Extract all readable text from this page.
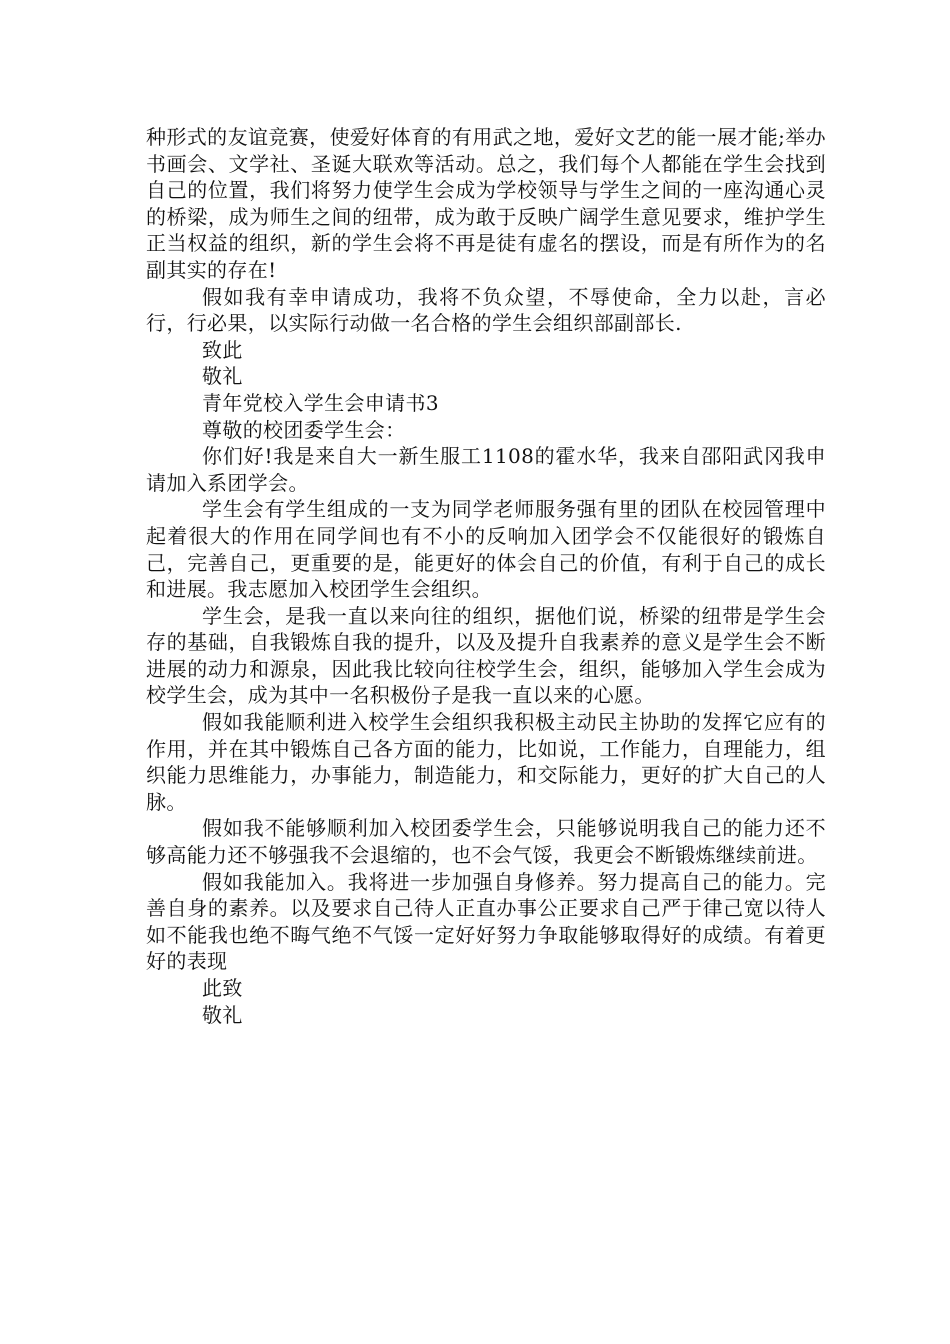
种形式的友谊竞赛，使爱好体育的有用武之地，爱好文艺的能一展才能;举办书画会、文学社、圣诞大联欢等活动。总之，我们每个人都能在学生会找到自己的位置，我们将努力使学生会成为学校领导与学生之间的一座沟通心灵的桥梁，成为师生之间的纽带，成为敢于反映广阔学生意见要求，维护学生正当权益的组织，新的学生会将不再是徒有虚名的摆设，而是有所作为的名副其实的存在!

假如我有幸申请成功，我将不负众望，不辱使命，全力以赴，言必行，行必果，以实际行动做一名合格的学生会组织部副部长.

致此

敬礼

青年党校入学生会申请书3

尊敬的校团委学生会：

你们好!我是来自大一新生服工1108的霍水华，我来自邵阳武冈我申请加入系团学会。

学生会有学生组成的一支为同学老师服务强有里的团队在校园管理中起着很大的作用在同学间也有不小的反响加入团学会不仅能很好的锻炼自己，完善自己，更重要的是，能更好的体会自己的价值，有利于自己的成长和进展。我志愿加入校团学生会组织。

学生会，是我一直以来向往的组织，据他们说，桥梁的纽带是学生会存的基础，自我锻炼自我的提升，以及及提升自我素养的意义是学生会不断进展的动力和源泉，因此我比较向往校学生会，组织，能够加入学生会成为校学生会，成为其中一名积极份子是我一直以来的心愿。

假如我能顺利进入校学生会组织我积极主动民主协助的发挥它应有的作用，并在其中锻炼自己各方面的能力，比如说，工作能力，自理能力，组织能力思维能力，办事能力，制造能力，和交际能力，更好的扩大自己的人脉。

假如我不能够顺利加入校团委学生会，只能够说明我自己的能力还不够高能力还不够强我不会退缩的，也不会气馁，我更会不断锻炼继续前进。

假如我能加入。我将进一步加强自身修养。努力提高自己的能力。完善自身的素养。以及要求自己待人正直办事公正要求自己严于律己宽以待人如不能我也绝不晦气绝不气馁一定好好努力争取能够取得好的成绩。有着更好的表现

此致

敬礼
